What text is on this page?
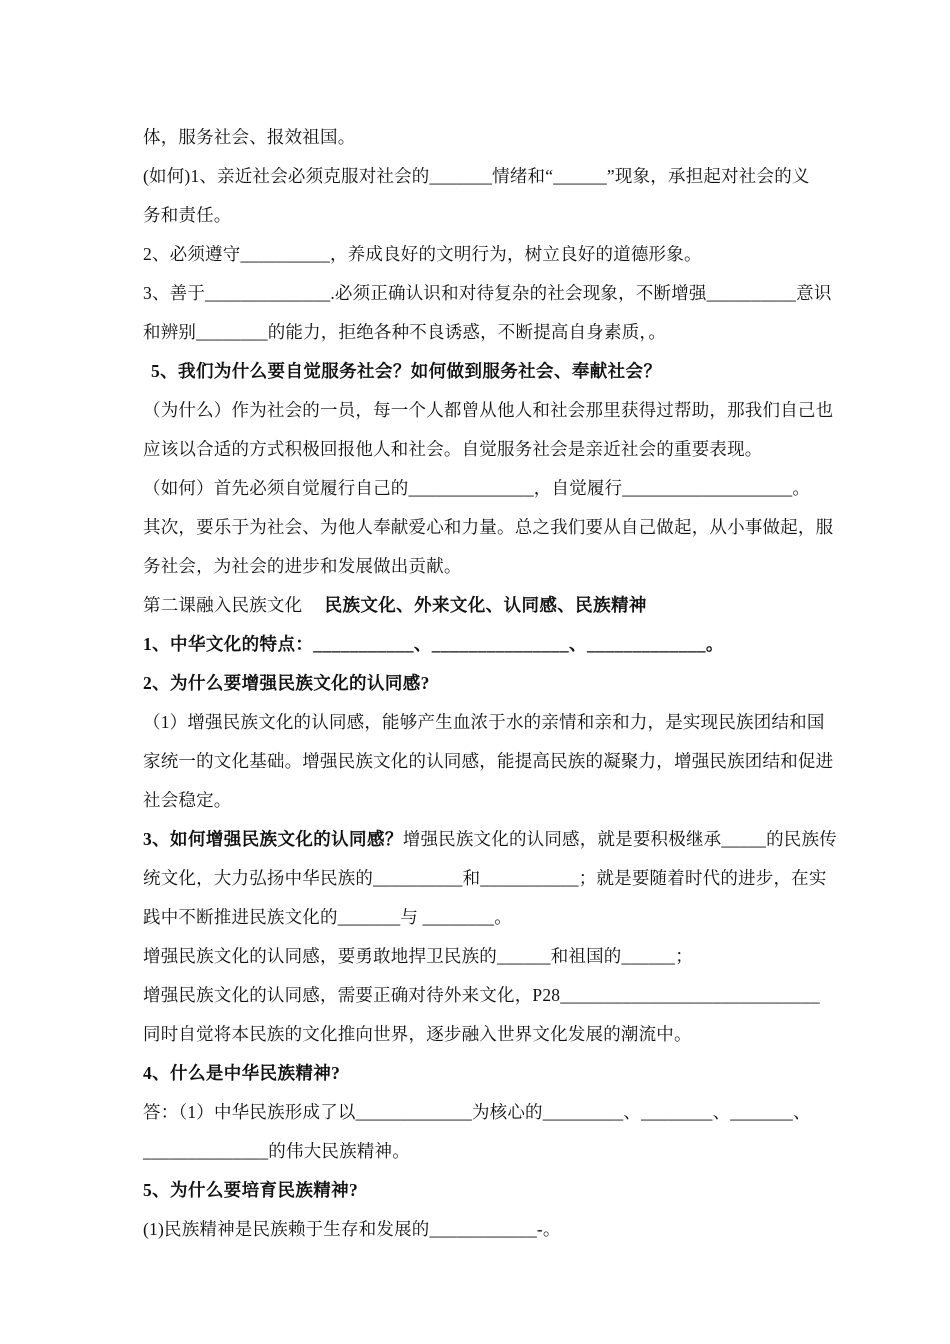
体，服务社会、报效祖国。
(如何)1、亲近社会必须克服对社会的_______情绪和“______”现象，承担起对社会的义
务和责任。
2、必须遵守__________，养成良好的文明行为，树立良好的道德形象。
3、善于______________.必须正确认识和对待复杂的社会现象，不断增强__________意识
和辨别________的能力，拒绝各种不良诱惑，不断提高自身素质，。
5、我们为什么要自觉服务社会？如何做到服务社会、奉献社会？
（为什么）作为社会的一员，每一个人都曾从他人和社会那里获得过帮助，那我们自己也
应该以合适的方式积极回报他人和社会。自觉服务社会是亲近社会的重要表现。
（如何）首先必须自觉履行自己的______________，自觉履行___________________。
其次，要乐于为社会、为他人奉献爱心和力量。总之我们要从自己做起，从小事做起，服
务社会，为社会的进步和发展做出贡献。
第二课融入民族文化　 民族文化、外来文化、认同感、民族精神
1、中华文化的特点：___________、_______________、_____________。
2、为什么要增强民族文化的认同感?
（1）增强民族文化的认同感，能够产生血浓于水的亲情和亲和力，是实现民族团结和国
家统一的文化基础。增强民族文化的认同感，能提高民族的凝聚力，增强民族团结和促进
社会稳定。
3、如何增强民族文化的认同感？增强民族文化的认同感，就是要积极继承_____的民族传
统文化，大力弘扬中华民族的__________和___________；就是要随着时代的进步，在实
践中不断推进民族文化的_______与 ________。
增强民族文化的认同感，要勇敢地捍卫民族的______和祖国的______；
增强民族文化的认同感，需要正确对待外来文化，P28_____________________________
同时自觉将本民族的文化推向世界，逐步融入世界文化发展的潮流中。
4、什么是中华民族精神?
答：（1）中华民族形成了以_____________为核心的_________、________、_______、
______________的伟大民族精神。
5、为什么要培育民族精神?
(1)民族精神是民族赖于生存和发展的____________-。
